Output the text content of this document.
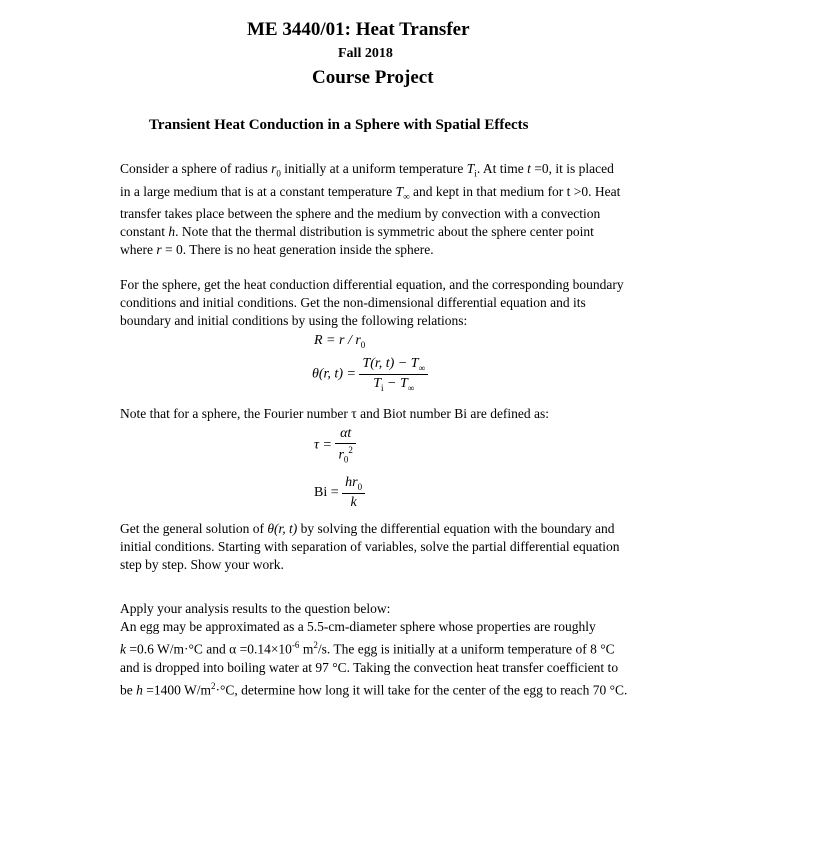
ME 3440/01: Heat Transfer
Fall 2018
Course Project
Transient Heat Conduction in a Sphere with Spatial Effects
Consider a sphere of radius $r_0$ initially at a uniform temperature $T_i$. At time t =0, it is placed
in a large medium that is at a constant temperature $T_\infty$ and kept in that medium for t >0. Heat
transfer takes place between the sphere and the medium by convection with a convection
constant h. Note that the thermal distribution is symmetric about the sphere center point
where r = 0. There is no heat generation inside the sphere.
For the sphere, get the heat conduction differential equation, and the corresponding boundary
conditions and initial conditions. Get the non-dimensional differential equation and its
boundary and initial conditions by using the following relations:
$R = r / r_0$
θ(r, $t) = \frac{T(r, t) - T_\infty}{T_i - T_\infty}$
Note that for a sphere, the Fourier number τ and Biot number Bi are defined as:
$\tau = \frac{\alpha t}{r_0^2}$
$Bi = \frac{hr_0}{k}$
Get the general solution of θ(r, t) by solving the differential equation with the boundary and
initial conditions. Starting with separation of variables, solve the partial differential equation
step by step. Show your work.
Apply your analysis results to the question below:
An egg may be approximated as a 5.5-cm-diameter sphere whose properties are roughly
k =0.6 W/m·°C and $\alpha =0.14\times 10^{-6}$ $m^2/s$. The egg is initially at a uniform temperature of 8 °C
and is dropped into boiling water at 97 °C. Taking the convection heat transfer coefficient to
be h =1400 $W/m^2\cdot^\circ C$, determine how long it will take for the center of the egg to reach 70 °C.
